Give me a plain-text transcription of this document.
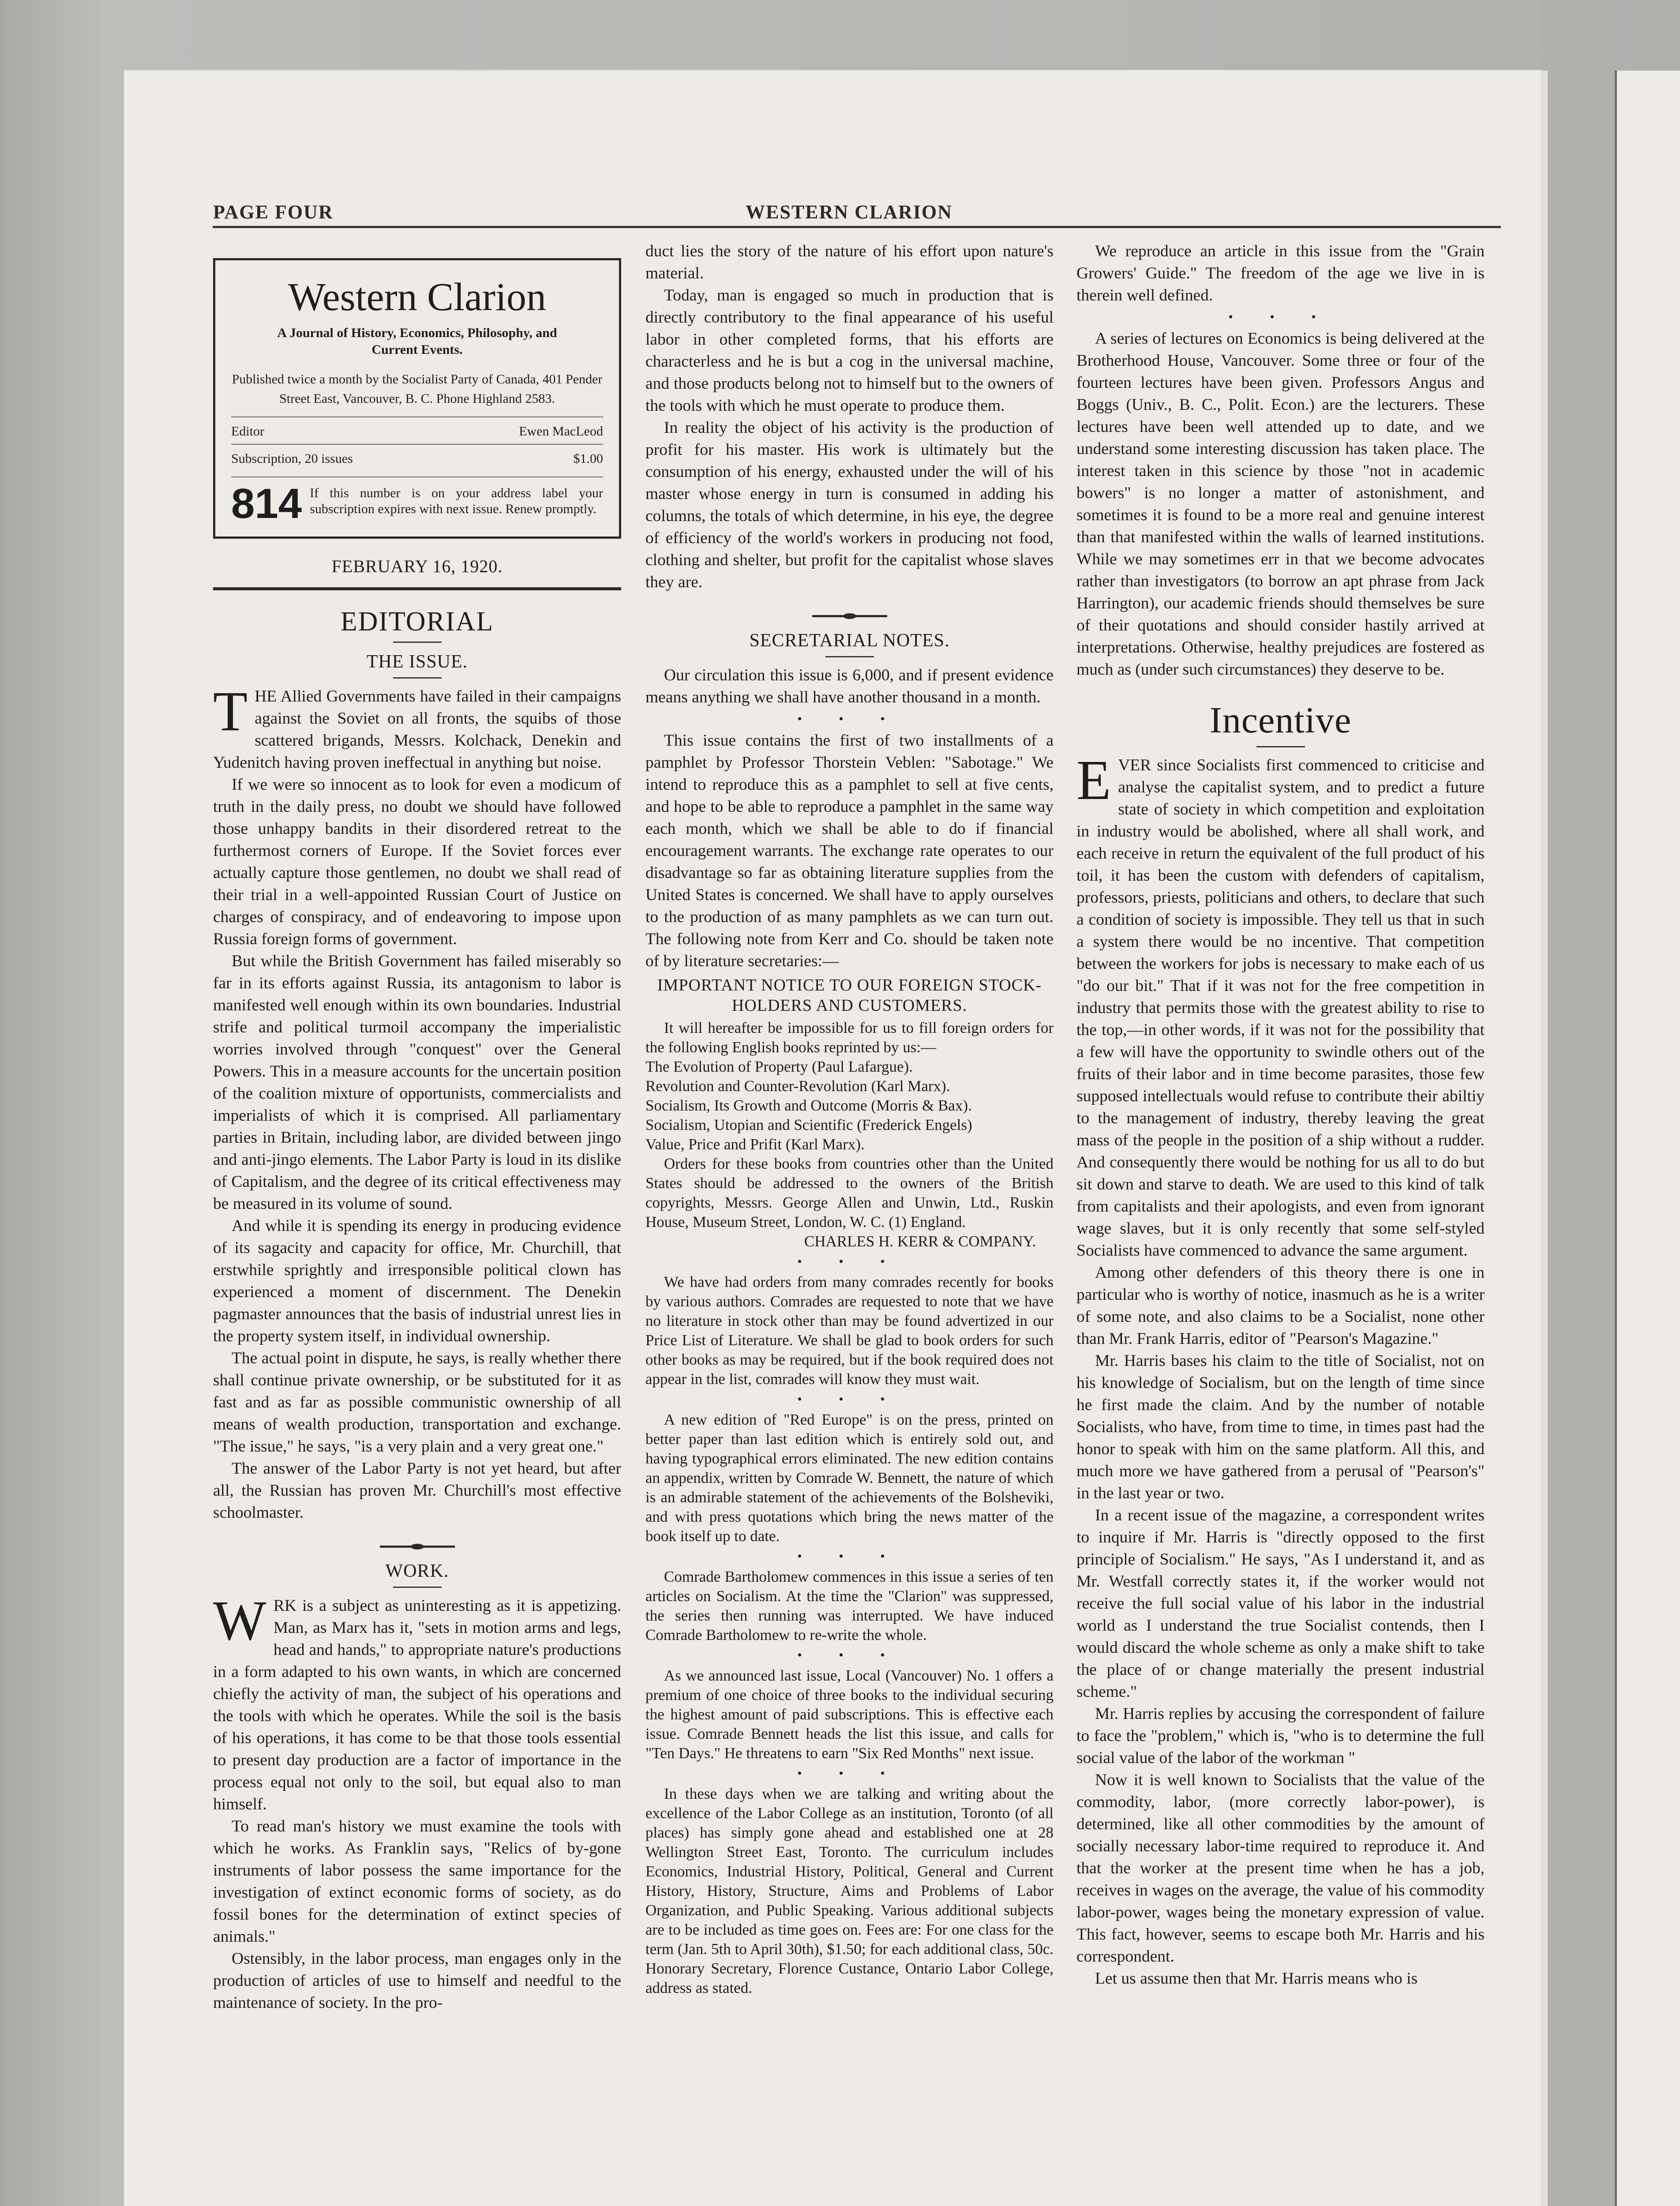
PAGE FOUR	WESTERN CLARION
Western Clarion
A Journal of History, Economics, Philosophy, and Current Events.
Published twice a month by the Socialist Party of Canada, 401 Pender Street East, Vancouver, B. C. Phone Highland 2583.
Editor	Ewen MacLeod
Subscription, 20 issues	$1.00
814 If this number is on your address label your subscription expires with next issue. Renew promptly.
FEBRUARY 16, 1920.
EDITORIAL
THE ISSUE.
T HE Allied Governments have failed in their campaigns against the Soviet on all fronts, the squibs of those scattered brigands, Messrs. Kolchack, Denekin and Yudenitch having proven ineffectual in anything but noise.

If we were so innocent as to look for even a modicum of truth in the daily press, no doubt we should have followed those unhappy bandits in their disordered retreat to the furthermost corners of Europe. If the Soviet forces ever actually capture those gentlemen, no doubt we shall read of their trial in a well-appointed Russian Court of Justice on charges of conspiracy, and of endeavoring to impose upon Russia foreign forms of government.

But while the British Government has failed miserably so far in its efforts against Russia, its antagonism to labor is manifested well enough within its own boundaries. Industrial strife and political turmoil accompany the imperialistic worries involved through "conquest" over the General Powers. This in a measure accounts for the uncertain position of the coalition mixture of opportunists, commercialists and imperialists of which it is comprised. All parliamentary parties in Britain, including labor, are divided between jingo and anti-jingo elements. The Labor Party is loud in its dislike of Capitalism, and the degree of its critical effectiveness may be measured in its volume of sound.

And while it is spending its energy in producing evidence of its sagacity and capacity for office, Mr. Churchill, that erstwhile sprightly and irresponsible political clown has experienced a moment of discernment. The Denekin pagmaster announces that the basis of industrial unrest lies in the property system itself, in individual ownership.

The actual point in dispute, he says, is really whether there shall continue private ownership, or be substituted for it as fast and as far as possible communistic ownership of all means of wealth production, transportation and exchange. "The issue," he says, "is a very plain and a very great one."

The answer of the Labor Party is not yet heard, but after all, the Russian has proven Mr. Churchill's most effective schoolmaster.

WORK.
W RK is a subject as uninteresting as it is appetizing. Man, as Marx has it, "sets in motion arms and legs, head and hands," to appropriate nature's productions in a form adapted to his own wants, in which are concerned chiefly the activity of man, the subject of his operations and the tools with which he operates. While the soil is the basis of his operations, it has come to be that those tools essential to present day production are a factor of importance in the process equal not only to the soil, but equal also to man himself.

To read man's history we must examine the tools with which he works. As Franklin says, "Relics of by-gone instruments of labor possess the same importance for the investigation of extinct economic forms of society, as do fossil bones for the determination of extinct species of animals."

Ostensibly, in the labor process, man engages only in the production of articles of use to himself and needful to the maintenance of society. In the pro-

duct lies the story of the nature of his effort upon nature's material.

Today, man is engaged so much in production that is directly contributory to the final appearance of his useful labor in other completed forms, that his efforts are characterless and he is but a cog in the universal machine, and those products belong not to himself but to the owners of the tools with which he must operate to produce them.

In reality the object of his activity is the production of profit for his master. His work is ultimately but the consumption of his energy, exhausted under the will of his master whose energy in turn is consumed in adding his columns, the totals of which determine, in his eye, the degree of efficiency of the world's workers in producing not food, clothing and shelter, but profit for the capitalist whose slaves they are.

SECRETARIAL NOTES.

Our circulation this issue is 6,000, and if present evidence means anything we shall have another thousand in a month.

• • •

This issue contains the first of two installments of a pamphlet by Professor Thorstein Veblen: "Sabotage." We intend to reproduce this as a pamphlet to sell at five cents, and hope to be able to reproduce a pamphlet in the same way each month, which we shall be able to do if financial encouragement warrants. The exchange rate operates to our disadvantage so far as obtaining literature supplies from the United States is concerned. We shall have to apply ourselves to the production of as many pamphlets as we can turn out. The following note from Kerr and Co. should be taken note of by literature secretaries:—

IMPORTANT NOTICE TO OUR FOREIGN STOCK-HOLDERS AND CUSTOMERS.

It will hereafter be impossible for us to fill foreign orders for the following English books reprinted by us:—

The Evolution of Property (Paul Lafargue).
Revolution and Counter-Revolution (Karl Marx).
Socialism, Its Growth and Outcome (Morris & Bax).
Socialism, Utopian and Scientific (Frederick Engels)
Value, Price and Prifit (Karl Marx).

Orders for these books from countries other than the United States should be addressed to the owners of the British copyrights, Messrs. George Allen and Unwin, Ltd., Ruskin House, Museum Street, London, W. C. (1) England.

CHARLES H. KERR & COMPANY.
• • •

We have had orders from many comrades recently for books by various authors. Comrades are requested to note that we have no literature in stock other than may be found advertized in our Price List of Literature. We shall be glad to book orders for such other books as may be required, but if the book required does not appear in the list, comrades will know they must wait.

• • •

A new edition of "Red Europe" is on the press, printed on better paper than last edition which is entirely sold out, and having typographical errors eliminated. The new edition contains an appendix, written by Comrade W. Bennett, the nature of which is an admirable statement of the achievements of the Bolsheviki, and with press quotations which bring the news matter of the book itself up to date.

• • •

Comrade Bartholomew commences in this issue a series of ten articles on Socialism. At the time the "Clarion" was suppressed, the series then running was interrupted. We have induced Comrade Bartholomew to re-write the whole.

• • •

As we announced last issue, Local (Vancouver) No. 1 offers a premium of one choice of three books to the individual securing the highest amount of paid subscriptions. This is effective each issue. Comrade Bennett heads the list this issue, and calls for "Ten Days." He threatens to earn "Six Red Months" next issue.

• • •

In these days when we are talking and writing about the excellence of the Labor College as an institution, Toronto (of all places) has simply gone ahead and established one at 28 Wellington Street East, Toronto. The curriculum includes Economics, Industrial History, Political, General and Current History, History, Structure, Aims and Problems of Labor Organization, and Public Speaking. Various additional subjects are to be included as time goes on. Fees are: For one class for the term (Jan. 5th to April 30th), $1.50; for each additional class, 50c. Honorary Secretary, Florence Custance, Ontario Labor College, address as stated.

We reproduce an article in this issue from the "Grain Growers' Guide." The freedom of the age we live in is therein well defined.

• • •

A series of lectures on Economics is being delivered at the Brotherhood House, Vancouver. Some three or four of the fourteen lectures have been given. Professors Angus and Boggs (Univ., B. C., Polit. Econ.) are the lecturers. These lectures have been well attended up to date, and we understand some interesting discussion has taken place. The interest taken in this science by those "not in academic bowers" is no longer a matter of astonishment, and sometimes it is found to be a more real and genuine interest than that manifested within the walls of learned institutions. While we may sometimes err in that we become advocates rather than investigators (to borrow an apt phrase from Jack Harrington), our academic friends should themselves be sure of their quotations and should consider hastily arrived at interpretations. Otherwise, healthy prejudices are fostered as much as (under such circumstances) they deserve to be.

Incentive
E VER since Socialists first commenced to criticise and analyse the capitalist system, and to predict a future state of society in which competition and exploitation in industry would be abolished, where all shall work, and each receive in return the equivalent of the full product of his toil, it has been the custom with defenders of capitalism, professors, priests, politicians and others, to declare that such a condition of society is impossible. They tell us that in such a system there would be no incentive. That competition between the workers for jobs is necessary to make each of us "do our bit." That if it was not for the free competition in industry that permits those with the greatest ability to rise to the top,—in other words, if it was not for the possibility that a few will have the opportunity to swindle others out of the fruits of their labor and in time become parasites, those few supposed intellectuals would refuse to contribute their abiltiy to the management of industry, thereby leaving the great mass of the people in the position of a ship without a rudder. And consequently there would be nothing for us all to do but sit down and starve to death. We are used to this kind of talk from capitalists and their apologists, and even from ignorant wage slaves, but it is only recently that some self-styled Socialists have commenced to advance the same argument.

Among other defenders of this theory there is one in particular who is worthy of notice, inasmuch as he is a writer of some note, and also claims to be a Socialist, none other than Mr. Frank Harris, editor of "Pearson's Magazine."

Mr. Harris bases his claim to the title of Socialist, not on his knowledge of Socialism, but on the length of time since he first made the claim. And by the number of notable Socialists, who have, from time to time, in times past had the honor to speak with him on the same platform. All this, and much more we have gathered from a perusal of "Pearson's" in the last year or two.

In a recent issue of the magazine, a correspondent writes to inquire if Mr. Harris is "directly opposed to the first principle of Socialism." He says, "As I understand it, and as Mr. Westfall correctly states it, if the worker would not receive the full social value of his labor in the industrial world as I understand the true Socialist contends, then I would discard the whole scheme as only a make shift to take the place of or change materially the present industrial scheme."

Mr. Harris replies by accusing the correspondent of failure to face the "problem," which is, "who is to determine the full social value of the labor of the workman "

Now it is well known to Socialists that the value of the commodity, labor, (more correctly labor-power), is determined, like all other commodities by the amount of socially necessary labor-time required to reproduce it. And that the worker at the present time when he has a job, receives in wages on the average, the value of his commodity labor-power, wages being the monetary expression of value. This fact, however, seems to escape both Mr. Harris and his correspondent.

Let us assume then that Mr. Harris means who is
